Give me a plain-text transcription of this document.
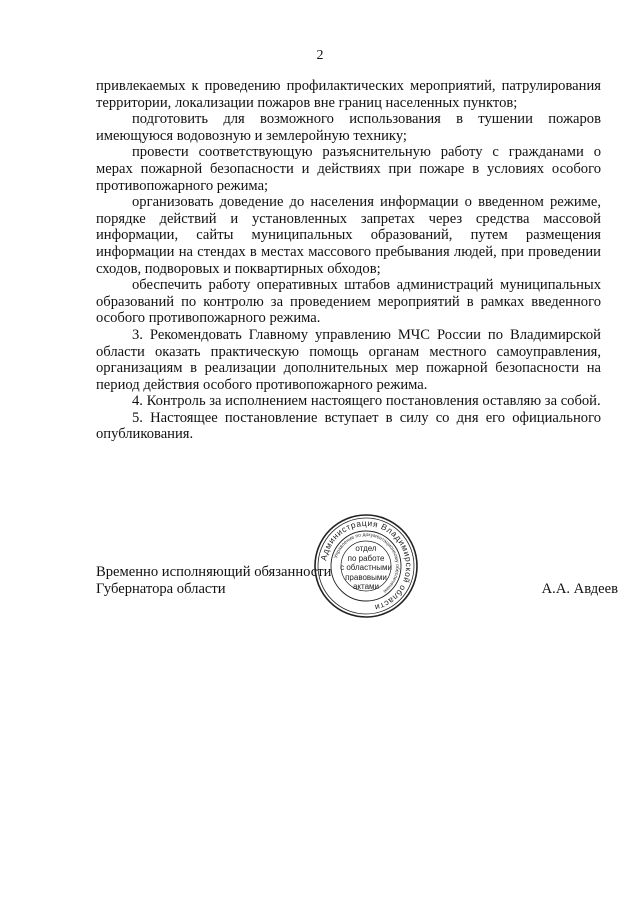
2

привлекаемых к проведению профилактических мероприятий, патрулирования территории, локализации пожаров вне границ населенных пунктов;

подготовить для возможного использования в тушении пожаров имеющуюся водовозную и землеройную технику;

провести соответствующую разъяснительную работу с гражданами о мерах пожарной безопасности и действиях при пожаре в условиях особого противопожарного режима;

организовать доведение до населения информации о введенном режиме, порядке действий и установленных запретах через средства массовой информации, сайты муниципальных образований, путем размещения информации на стендах в местах массового пребывания людей, при проведении сходов, подворовых и поквартирных обходов;

обеспечить работу оперативных штабов администраций муниципальных образований по контролю за проведением мероприятий в рамках введенного особого противопожарного режима.

3. Рекомендовать Главному управлению МЧС России по Владимирской области оказать практическую помощь органам местного самоуправления, организациям в реализации дополнительных мер пожарной безопасности на период действия особого противопожарного режима.

4. Контроль за исполнением настоящего постановления оставляю за собой.

5. Настоящее постановление вступает в силу со дня его официального опубликования.

Временно исполняющий обязанности
Губернатора области	А.А. Авдеев
Администрация Владимирской области
Управление по документационному обеспечению
отдел
по работе
с областными
правовыми
актами
